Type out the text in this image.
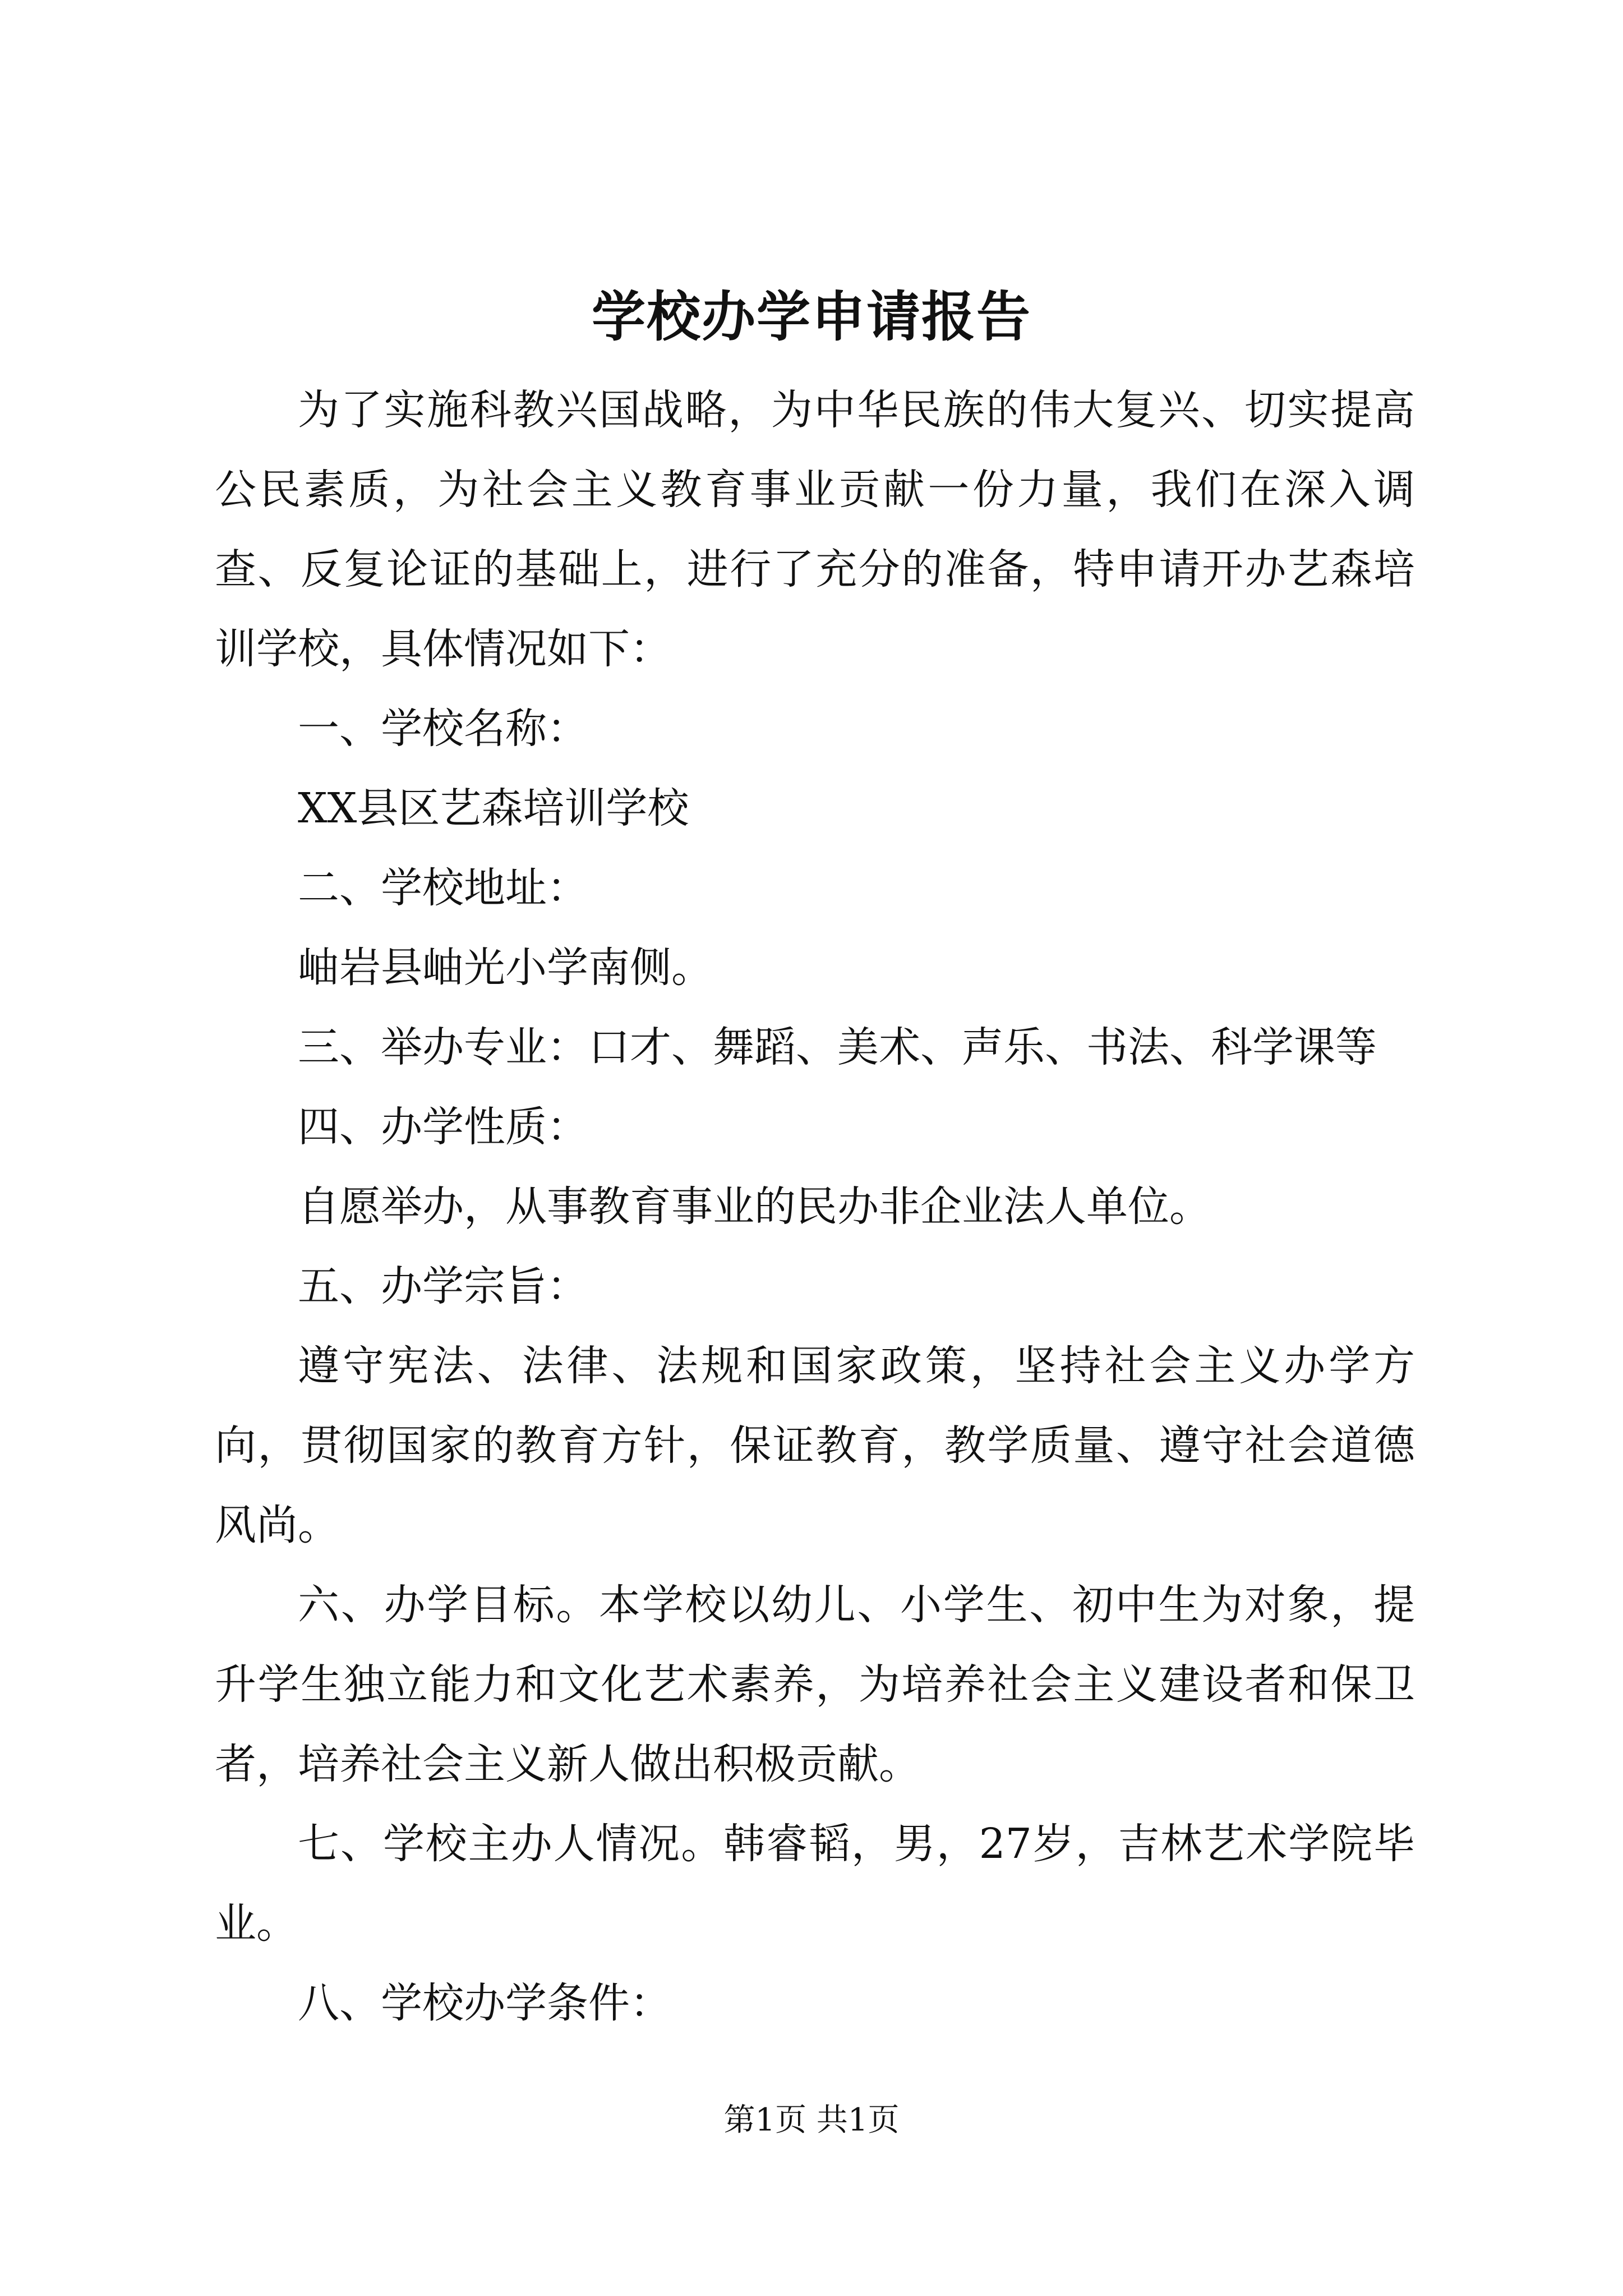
学校办学申请报告

为了实施科教兴国战略，为中华民族的伟大复兴、切实提高公民素质，为社会主义教育事业贡献一份力量，我们在深入调查、反复论证的基础上，进行了充分的准备，特申请开办艺森培训学校，具体情况如下：

一、学校名称：

XX县区艺森培训学校

二、学校地址：

岫岩县岫光小学南侧。

三、举办专业：口才、舞蹈、美术、声乐、书法、科学课等

四、办学性质：

自愿举办，从事教育事业的民办非企业法人单位。

五、办学宗旨：

遵守宪法、法律、法规和国家政策，坚持社会主义办学方向，贯彻国家的教育方针，保证教育，教学质量、遵守社会道德风尚。

六、办学目标。本学校以幼儿、小学生、初中生为对象，提升学生独立能力和文化艺术素养，为培养社会主义建设者和保卫者，培养社会主义新人做出积极贡献。

七、学校主办人情况。韩睿韬，男，27岁，吉林艺术学院毕业。

八、学校办学条件：

第1页 共1页
